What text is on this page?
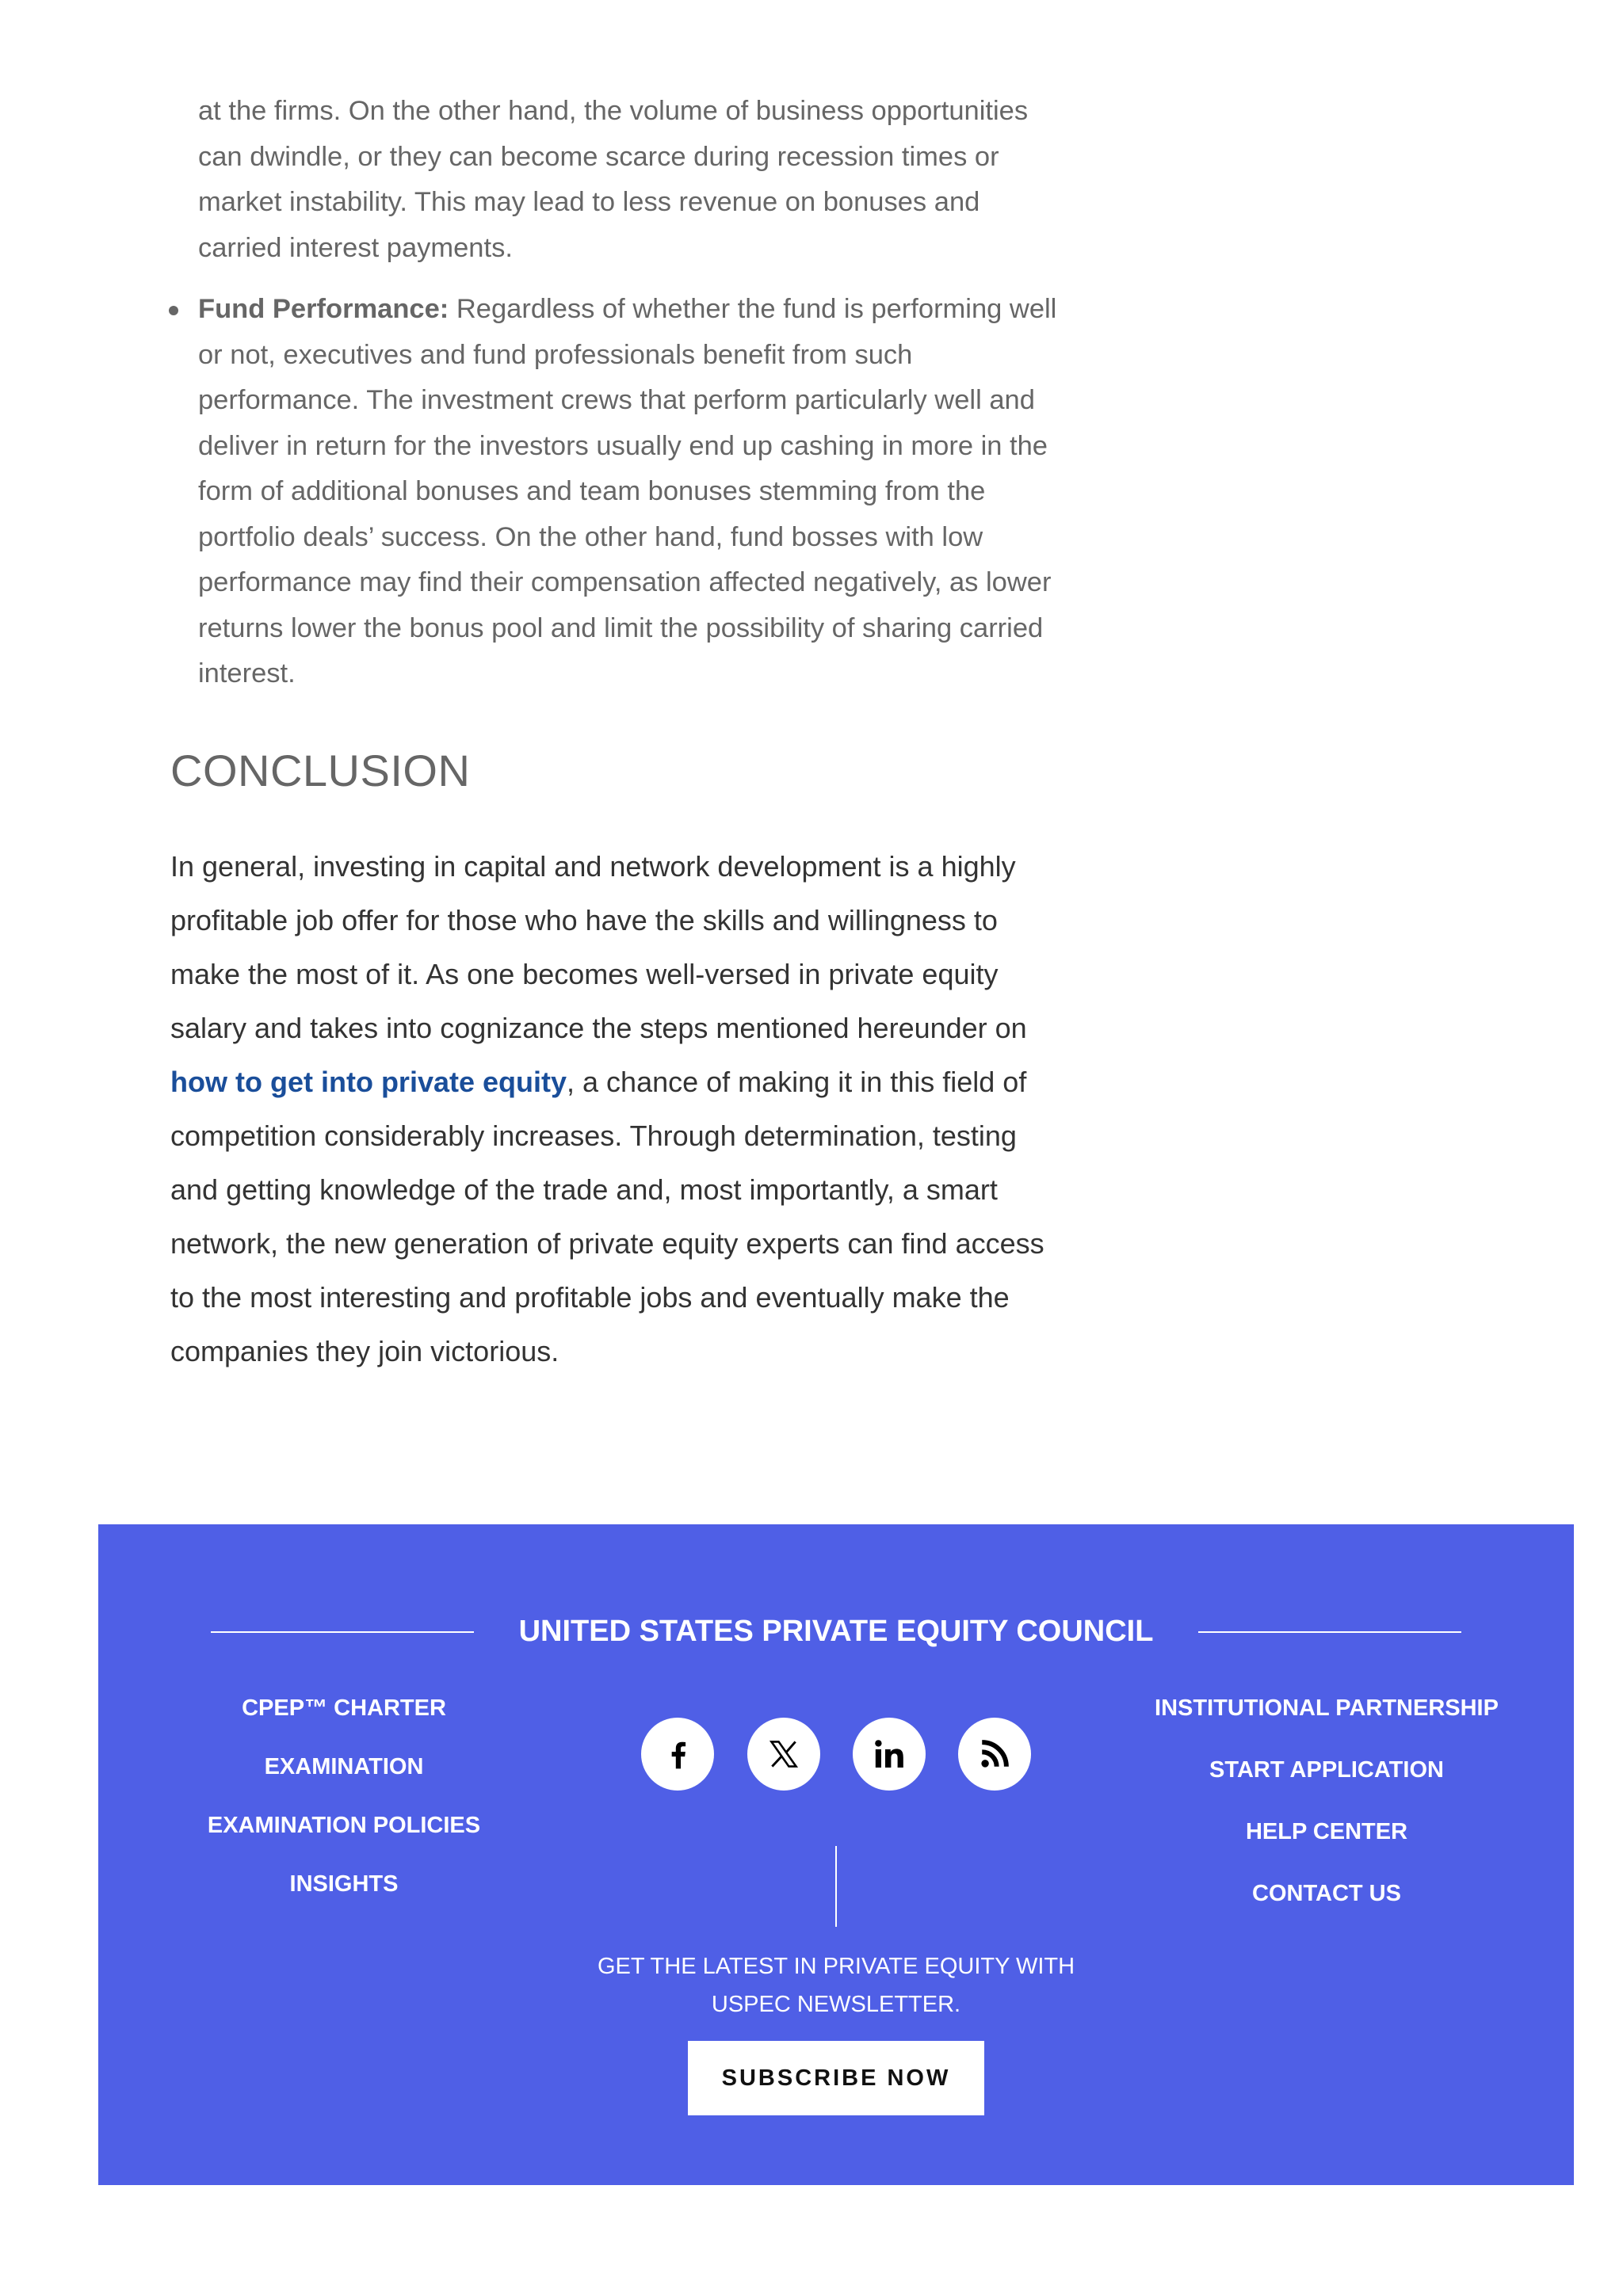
at the firms. On the other hand, the volume of business opportunities can dwindle, or they can become scarce during recession times or market instability. This may lead to less revenue on bonuses and carried interest payments.

Fund Performance: Regardless of whether the fund is performing well or not, executives and fund professionals benefit from such performance. The investment crews that perform particularly well and deliver in return for the investors usually end up cashing in more in the form of additional bonuses and team bonuses stemming from the portfolio deals’ success. On the other hand, fund bosses with low performance may find their compensation affected negatively, as lower returns lower the bonus pool and limit the possibility of sharing carried interest.
CONCLUSION

In general, investing in capital and network development is a highly profitable job offer for those who have the skills and willingness to make the most of it. As one becomes well-versed in private equity salary and takes into cognizance the steps mentioned hereunder on how to get into private equity, a chance of making it in this field of competition considerably increases. Through determination, testing and getting knowledge of the trade and, most importantly, a smart network, the new generation of private equity experts can find access to the most interesting and profitable jobs and eventually make the companies they join victorious.

UNITED STATES PRIVATE EQUITY COUNCIL
CPEP™ CHARTER
EXAMINATION
EXAMINATION POLICIES
INSIGHTS
INSTITUTIONAL PARTNERSHIP
START APPLICATION
HELP CENTER
CONTACT US

GET THE LATEST IN PRIVATE EQUITY WITH USPEC NEWSLETTER.

SUBSCRIBE NOW
